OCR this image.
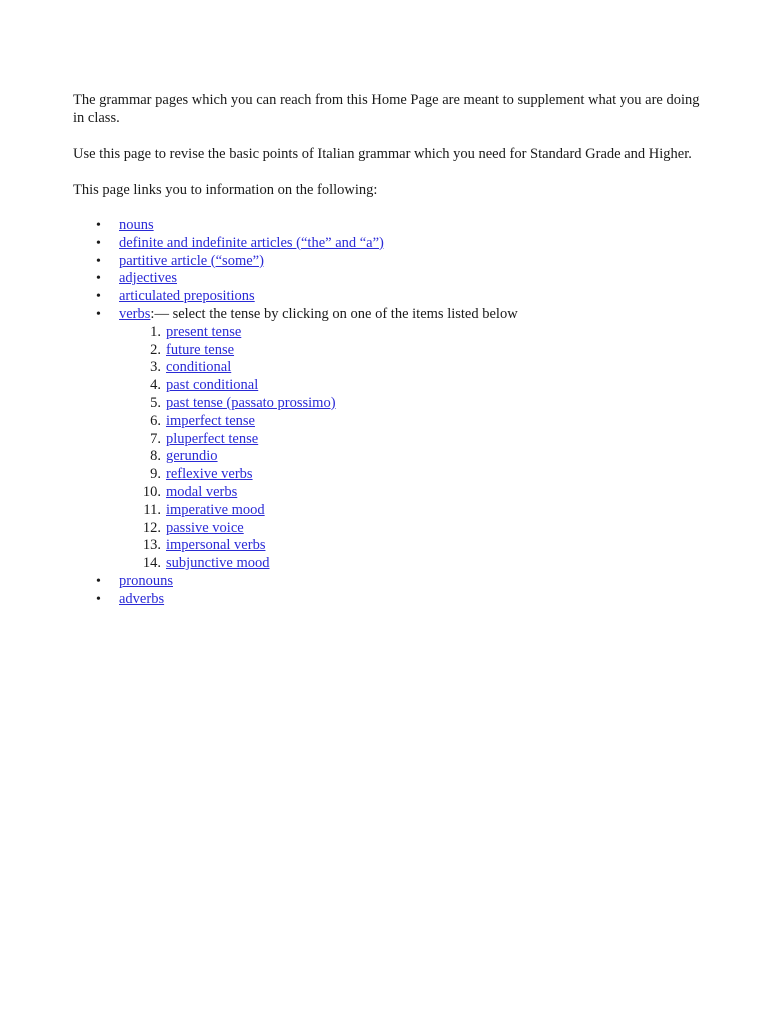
The grammar pages which you can reach from this Home Page are meant to supplement what you are doing in class.

Use this page to revise the basic points of Italian grammar which you need for Standard Grade and Higher.

This page links you to information on the following:

• nouns
• definite and indefinite articles (“the” and “a”)
• partitive article (“some”)
• adjectives
• articulated prepositions
• verbs:— select the tense by clicking on one of the items listed below
1. present tense
2. future tense
3. conditional
4. past conditional
5. past tense (passato prossimo)
6. imperfect tense
7. pluperfect tense
8. gerundio
9. reflexive verbs
10. modal verbs
11. imperative mood
12. passive voice
13. impersonal verbs
14. subjunctive mood
• pronouns
• adverbs
